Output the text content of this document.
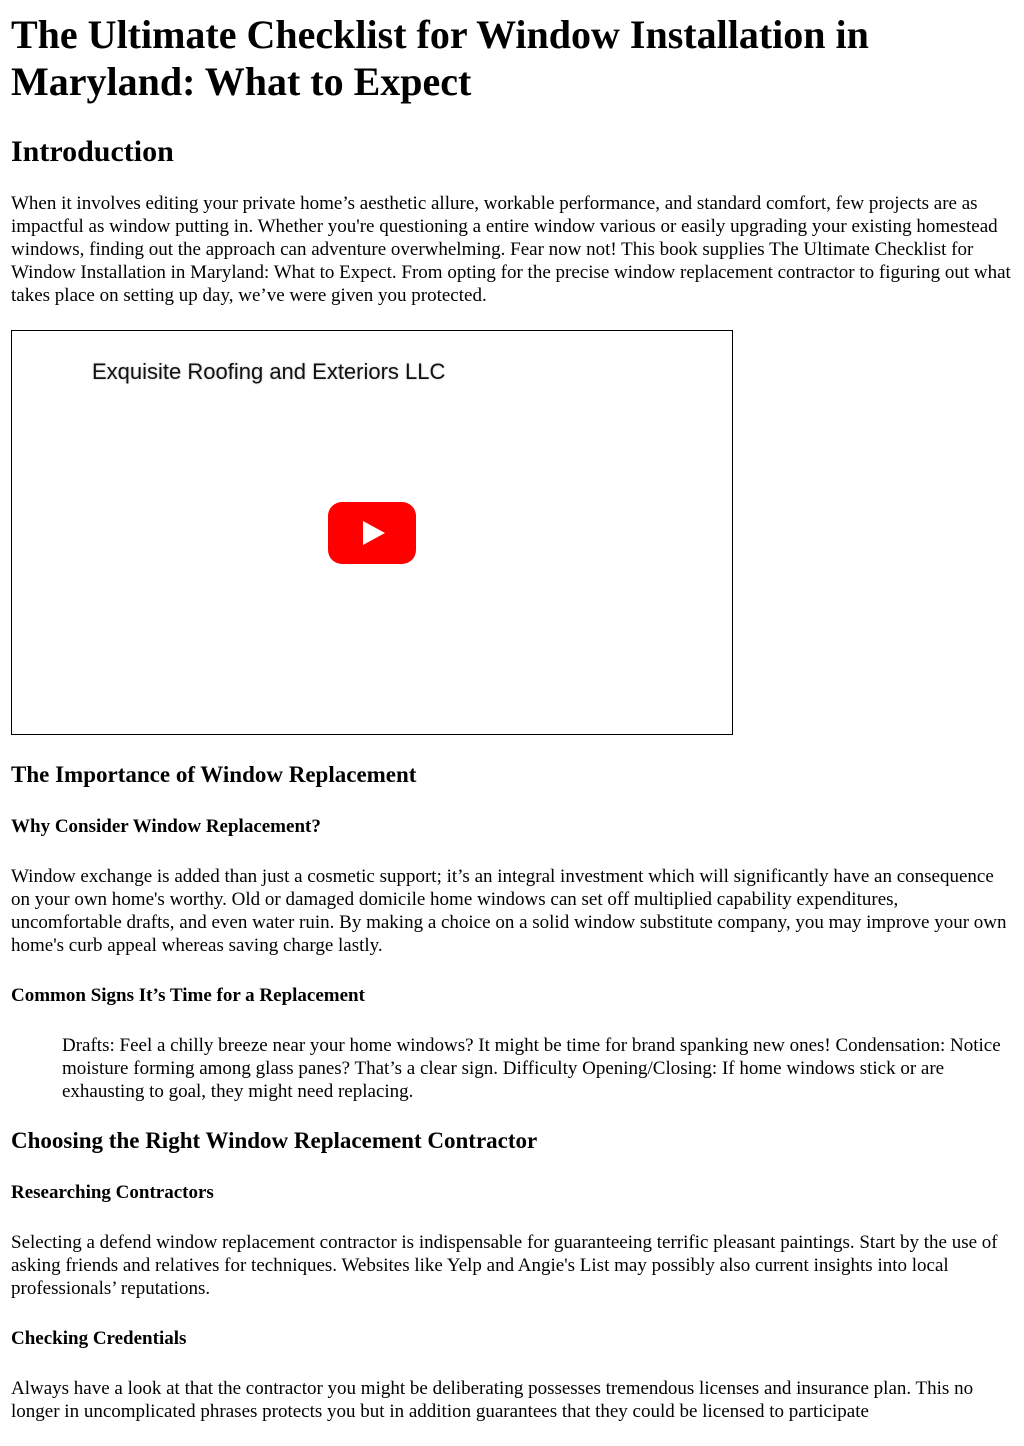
The Ultimate Checklist for Window Installation in Maryland: What to Expect
Introduction

When it involves editing your private home’s aesthetic allure, workable performance, and standard comfort, few projects are as impactful as window putting in. Whether you're questioning a entire window various or easily upgrading your existing homestead windows, finding out the approach can adventure overwhelming. Fear now not! This book supplies The Ultimate Checklist for Window Installation in Maryland: What to Expect. From opting for the precise window replacement contractor to figuring out what takes place on setting up day, we’ve were given you protected.

Exquisite Roofing and Exteriors LLC
The Importance of Window Replacement
Why Consider Window Replacement?

Window exchange is added than just a cosmetic support; it’s an integral investment which will significantly have an consequence on your own home's worthy. Old or damaged domicile home windows can set off multiplied capability expenditures, uncomfortable drafts, and even water ruin. By making a choice on a solid window substitute company, you may improve your own home's curb appeal whereas saving charge lastly.

Common Signs It’s Time for a Replacement
Drafts: Feel a chilly breeze near your home windows? It might be time for brand spanking new ones! Condensation: Notice moisture forming among glass panes? That’s a clear sign. Difficulty Opening/Closing: If home windows stick or are exhausting to goal, they might need replacing.
Choosing the Right Window Replacement Contractor
Researching Contractors

Selecting a defend window replacement contractor is indispensable for guaranteeing terrific pleasant paintings. Start by the use of asking friends and relatives for techniques. Websites like Yelp and Angie's List may possibly also current insights into local professionals’ reputations.

Checking Credentials

Always have a look at that the contractor you might be deliberating possesses tremendous licenses and insurance plan. This no longer in uncomplicated phrases protects you but in addition guarantees that they could be licensed to participate
